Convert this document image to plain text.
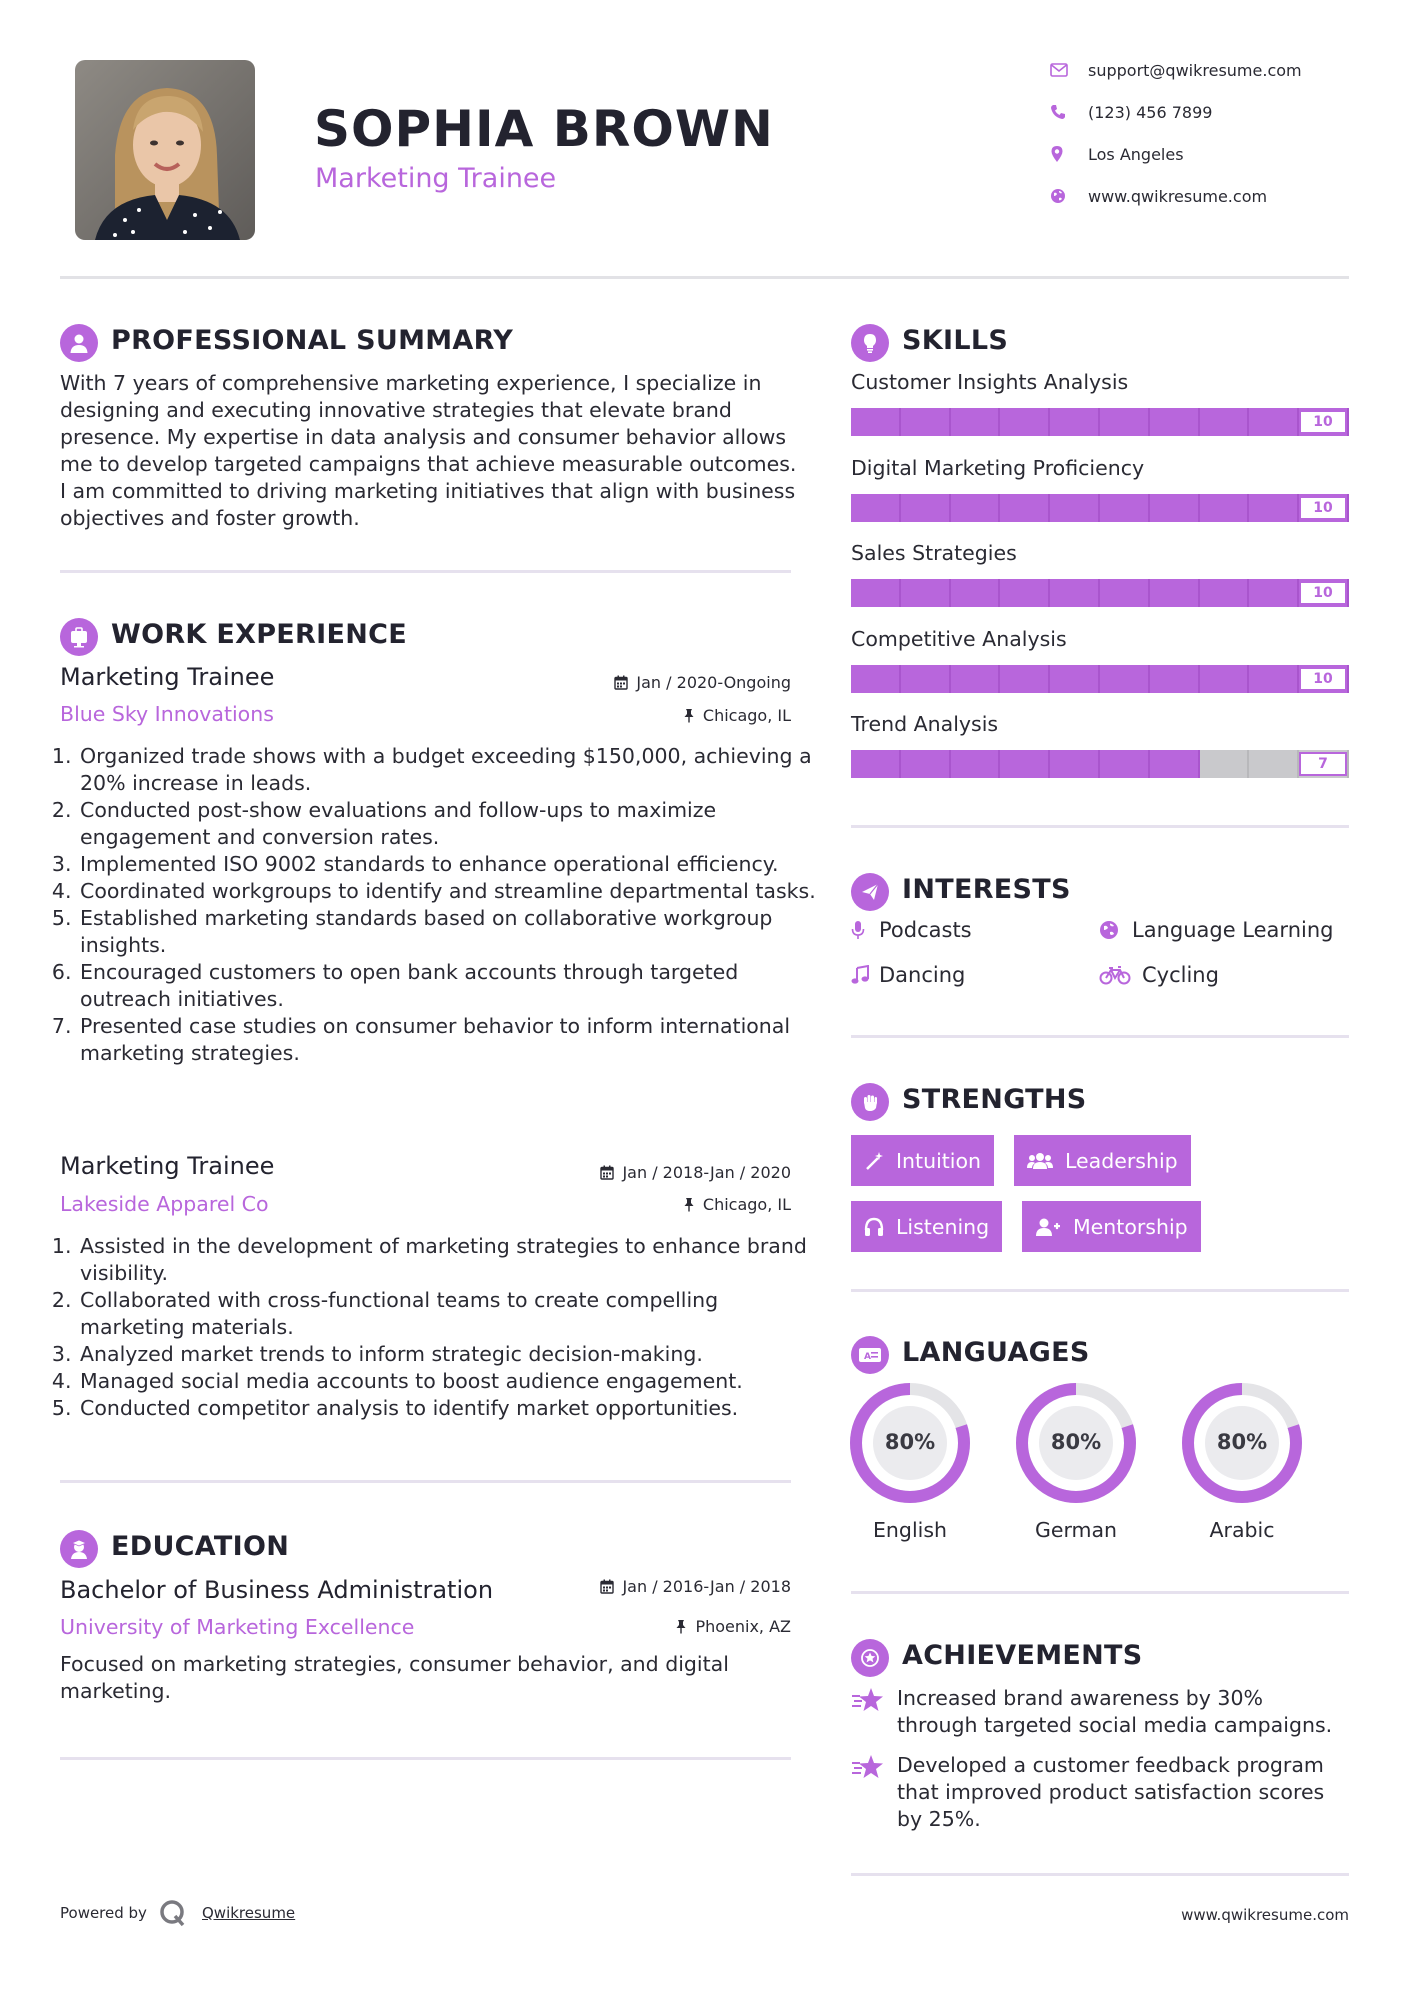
SOPHIA BROWN
Marketing Trainee
support@qwikresume.com
(123) 456 7899
Los Angeles
www.qwikresume.com
PROFESSIONAL SUMMARY
With 7 years of comprehensive marketing experience, I specialize in designing and executing innovative strategies that elevate brand presence. My expertise in data analysis and consumer behavior allows me to develop targeted campaigns that achieve measurable outcomes. I am committed to driving marketing initiatives that align with business objectives and foster growth.
WORK EXPERIENCE
Marketing Trainee	Jan / 2020-Ongoing
Blue Sky Innovations	Chicago, IL
1. Organized trade shows with a budget exceeding $150,000, achieving a 20% increase in leads.
2. Conducted post-show evaluations and follow-ups to maximize engagement and conversion rates.
3. Implemented ISO 9002 standards to enhance operational efficiency.
4. Coordinated workgroups to identify and streamline departmental tasks.
5. Established marketing standards based on collaborative workgroup insights.
6. Encouraged customers to open bank accounts through targeted outreach initiatives.
7. Presented case studies on consumer behavior to inform international marketing strategies.
Marketing Trainee	Jan / 2018-Jan / 2020
Lakeside Apparel Co	Chicago, IL
1. Assisted in the development of marketing strategies to enhance brand visibility.
2. Collaborated with cross-functional teams to create compelling marketing materials.
3. Analyzed market trends to inform strategic decision-making.
4. Managed social media accounts to boost audience engagement.
5. Conducted competitor analysis to identify market opportunities.
EDUCATION
Bachelor of Business Administration	Jan / 2016-Jan / 2018
University of Marketing Excellence	Phoenix, AZ
Focused on marketing strategies, consumer behavior, and digital marketing.
SKILLS
Customer Insights Analysis
10
Digital Marketing Proficiency
10
Sales Strategies
10
Competitive Analysis
10
Trend Analysis
7
INTERESTS
Podcasts	Language Learning
Dancing	Cycling
STRENGTHS
Intuition	Leadership
Listening	Mentorship
A LANGUAGES
80%
English
80%
German
80%
Arabic
ACHIEVEMENTS
Increased brand awareness by 30% through targeted social media campaigns.
Developed a customer feedback program that improved product satisfaction scores by 25%.
Powered by	Qwikresume	www.qwikresume.com
